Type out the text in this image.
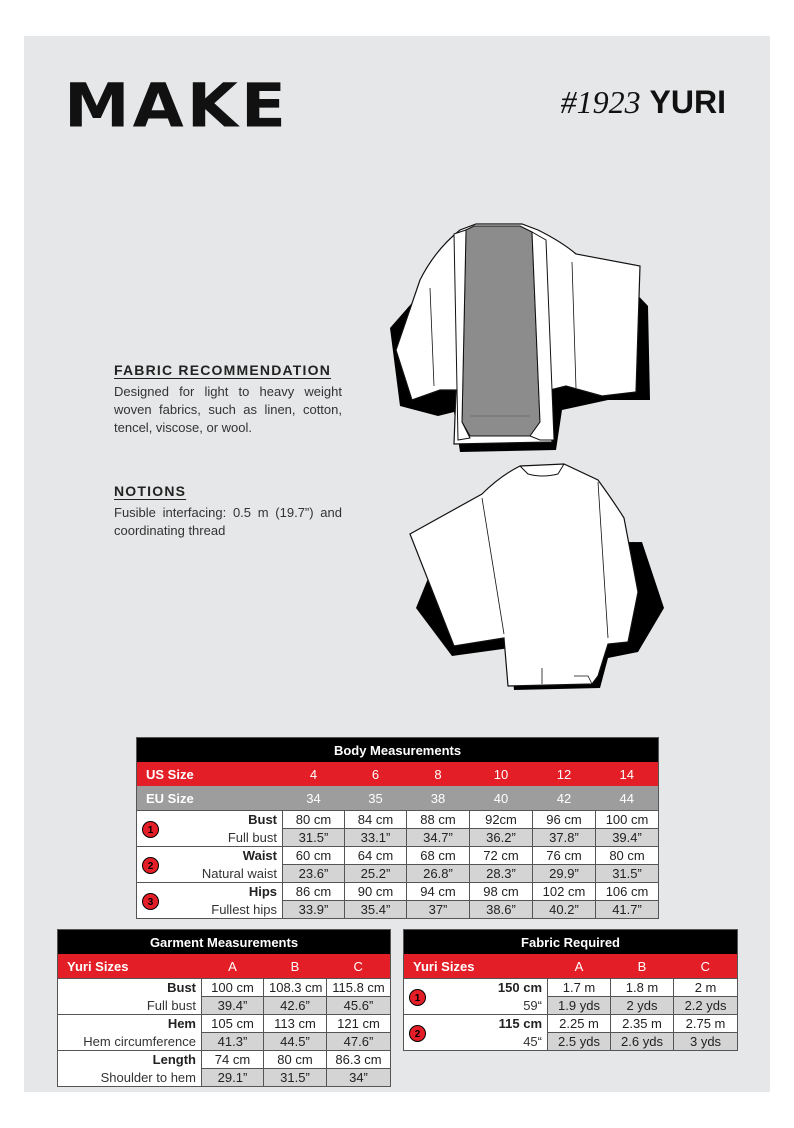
MAKE	#1923 YURI
FABRIC RECOMMENDATION
Designed for light to heavy weight woven fabrics, such as linen, cotton, tencel, viscose, or wool.
NOTIONS
Fusible interfacing: 0.5 m (19.7”) and coordinating thread
Body Measurements							
US Size		4	6	8	10	12	14
EU Size		34	35	38	40	42	44
1	Bust	80 cm	84 cm	88 cm	92cm	96 cm	100 cm
	Full bust	31.5”	33.1”	34.7”	36.2”	37.8”	39.4”
2	Waist	60 cm	64 cm	68 cm	72 cm	76 cm	80 cm
	Natural waist	23.6”	25.2”	26.8”	28.3”	29.9”	31.5”
3	Hips	86 cm	90 cm	94 cm	98 cm	102 cm	106 cm
	Fullest hips	33.9”	35.4”	37”	38.6”	40.2”	41.7”
Garment Measurements			
Yuri Sizes	A	B	C
Bust	100 cm	108.3 cm	115.8 cm
Full bust	39.4”	42.6”	45.6”
Hem	105 cm	113 cm	121 cm
Hem circumference	41.3”	44.5”	47.6”
Length	74 cm	80 cm	86.3 cm
Shoulder to hem	29.1”	31.5”	34”
Fabric Required				
Yuri Sizes		A	B	C
1	150 cm	1.7 m	1.8 m	2 m
	59“	1.9 yds	2 yds	2.2 yds
2	115 cm	2.25 m	2.35 m	2.75 m
	45“	2.5 yds	2.6 yds	3 yds
